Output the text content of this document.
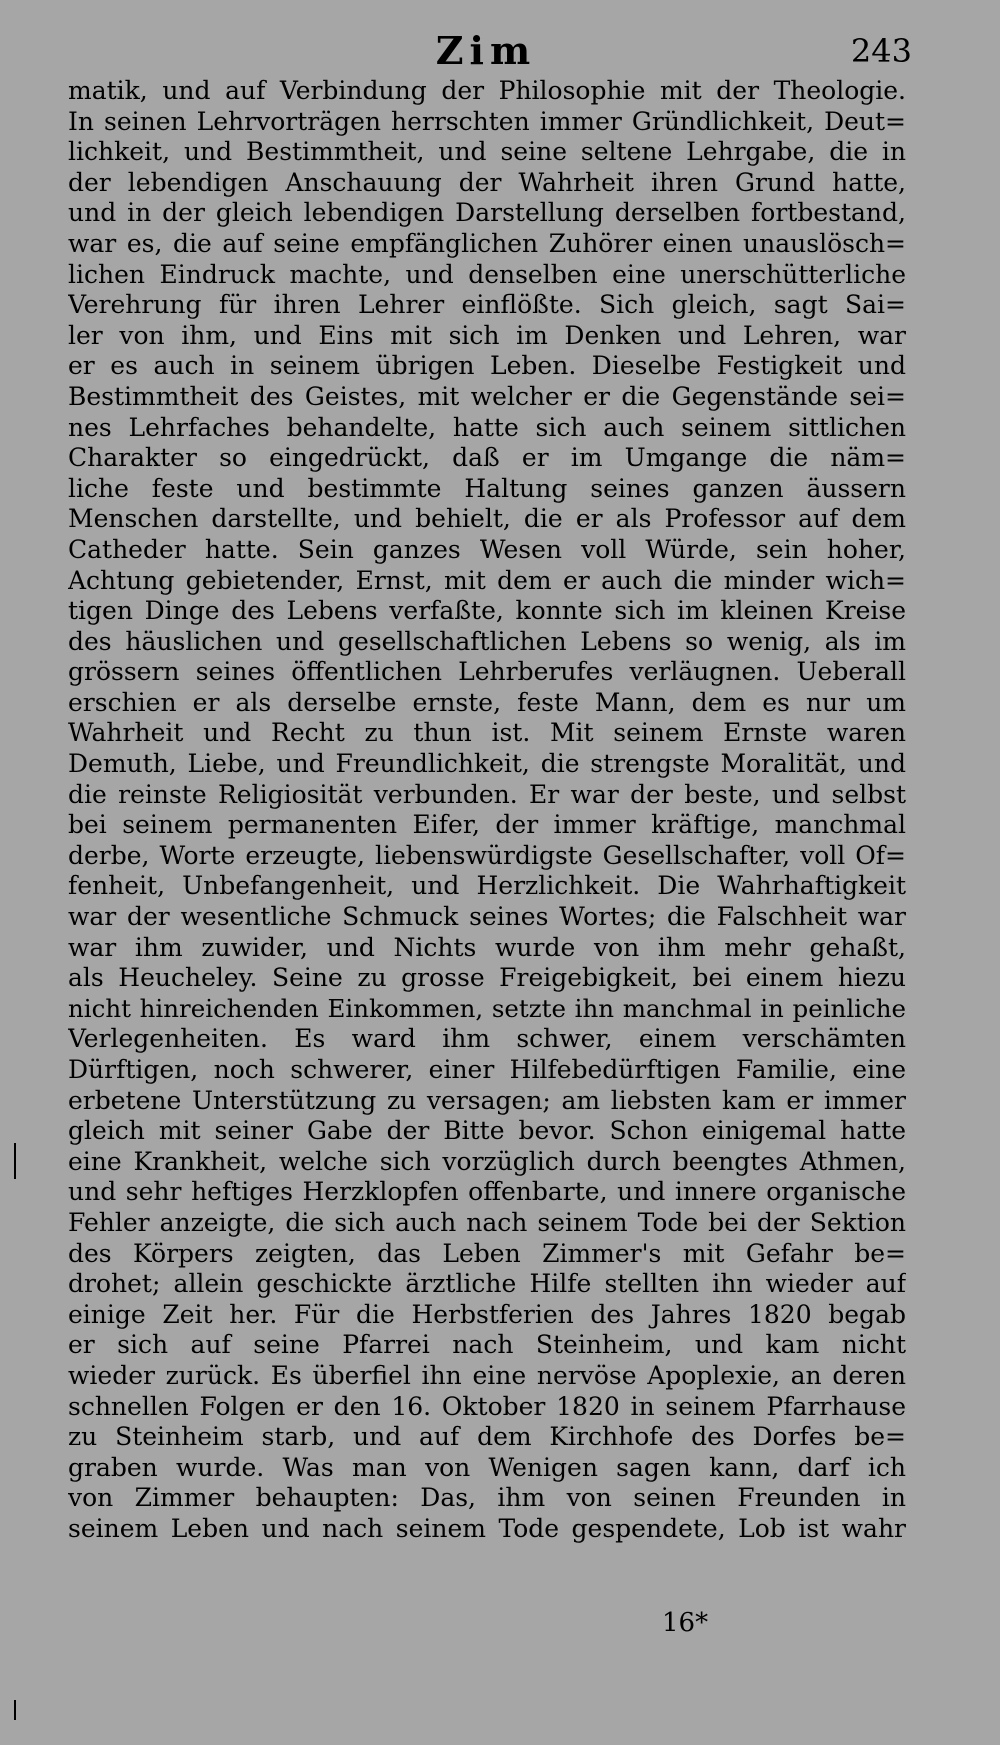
Zim	243
matik, und auf Verbindung der Philosophie mit der Theologie.
In seinen Lehrvorträgen herrschten immer Gründlichkeit, Deut=
lichkeit, und Bestimmtheit, und seine seltene Lehrgabe, die in
der lebendigen Anschauung der Wahrheit ihren Grund hatte,
und in der gleich lebendigen Darstellung derselben fortbestand,
war es, die auf seine empfänglichen Zuhörer einen unauslösch=
lichen Eindruck machte, und denselben eine unerschütterliche
Verehrung für ihren Lehrer einflößte. Sich gleich, sagt Sai=
ler von ihm, und Eins mit sich im Denken und Lehren, war
er es auch in seinem übrigen Leben. Dieselbe Festigkeit und
Bestimmtheit des Geistes, mit welcher er die Gegenstände sei=
nes Lehrfaches behandelte, hatte sich auch seinem sittlichen
Charakter so eingedrückt, daß er im Umgange die näm=
liche feste und bestimmte Haltung seines ganzen äussern
Menschen darstellte, und behielt, die er als Professor auf dem
Catheder hatte. Sein ganzes Wesen voll Würde, sein hoher,
Achtung gebietender, Ernst, mit dem er auch die minder wich=
tigen Dinge des Lebens verfaßte, konnte sich im kleinen Kreise
des häuslichen und gesellschaftlichen Lebens so wenig, als im
grössern seines öffentlichen Lehrberufes verläugnen. Ueberall
erschien er als derselbe ernste, feste Mann, dem es nur um
Wahrheit und Recht zu thun ist. Mit seinem Ernste waren
Demuth, Liebe, und Freundlichkeit, die strengste Moralität, und
die reinste Religiosität verbunden. Er war der beste, und selbst
bei seinem permanenten Eifer, der immer kräftige, manchmal
derbe, Worte erzeugte, liebenswürdigste Gesellschafter, voll Of=
fenheit, Unbefangenheit, und Herzlichkeit. Die Wahrhaftigkeit
war der wesentliche Schmuck seines Wortes; die Falschheit war
war ihm zuwider, und Nichts wurde von ihm mehr gehaßt,
als Heucheley. Seine zu grosse Freigebigkeit, bei einem hiezu
nicht hinreichenden Einkommen, setzte ihn manchmal in peinliche
Verlegenheiten. Es ward ihm schwer, einem verschämten
Dürftigen, noch schwerer, einer Hilfebedürftigen Familie, eine
erbetene Unterstützung zu versagen; am liebsten kam er immer
gleich mit seiner Gabe der Bitte bevor. Schon einigemal hatte
eine Krankheit, welche sich vorzüglich durch beengtes Athmen,
und sehr heftiges Herzklopfen offenbarte, und innere organische
Fehler anzeigte, die sich auch nach seinem Tode bei der Sektion
des Körpers zeigten, das Leben Zimmer's mit Gefahr be=
drohet; allein geschickte ärztliche Hilfe stellten ihn wieder auf
einige Zeit her. Für die Herbstferien des Jahres 1820 begab
er sich auf seine Pfarrei nach Steinheim, und kam nicht
wieder zurück. Es überfiel ihn eine nervöse Apoplexie, an deren
schnellen Folgen er den 16. Oktober 1820 in seinem Pfarrhause
zu Steinheim starb, und auf dem Kirchhofe des Dorfes be=
graben wurde. Was man von Wenigen sagen kann, darf ich
von Zimmer behaupten: Das, ihm von seinen Freunden in
seinem Leben und nach seinem Tode gespendete, Lob ist wahr
16*
